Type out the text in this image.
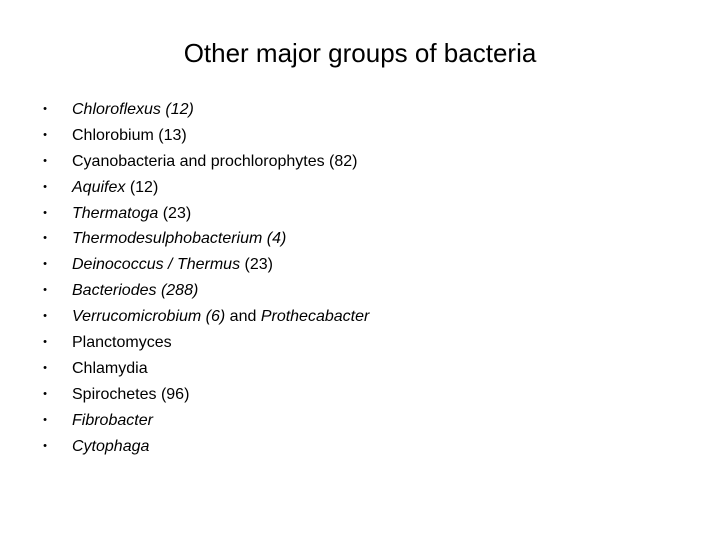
Other major groups of bacteria
• Chloroflexus (12)
• Chlorobium (13)
• Cyanobacteria and prochlorophytes (82)
• Aquifex (12)
• Thermatoga (23)
• Thermodesulphobacterium (4)
• Deinococcus / Thermus (23)
• Bacteriodes (288)
• Verrucomicrobium (6) and Prothecabacter
• Planctomyces
• Chlamydia
• Spirochetes (96)
• Fibrobacter
• Cytophaga
